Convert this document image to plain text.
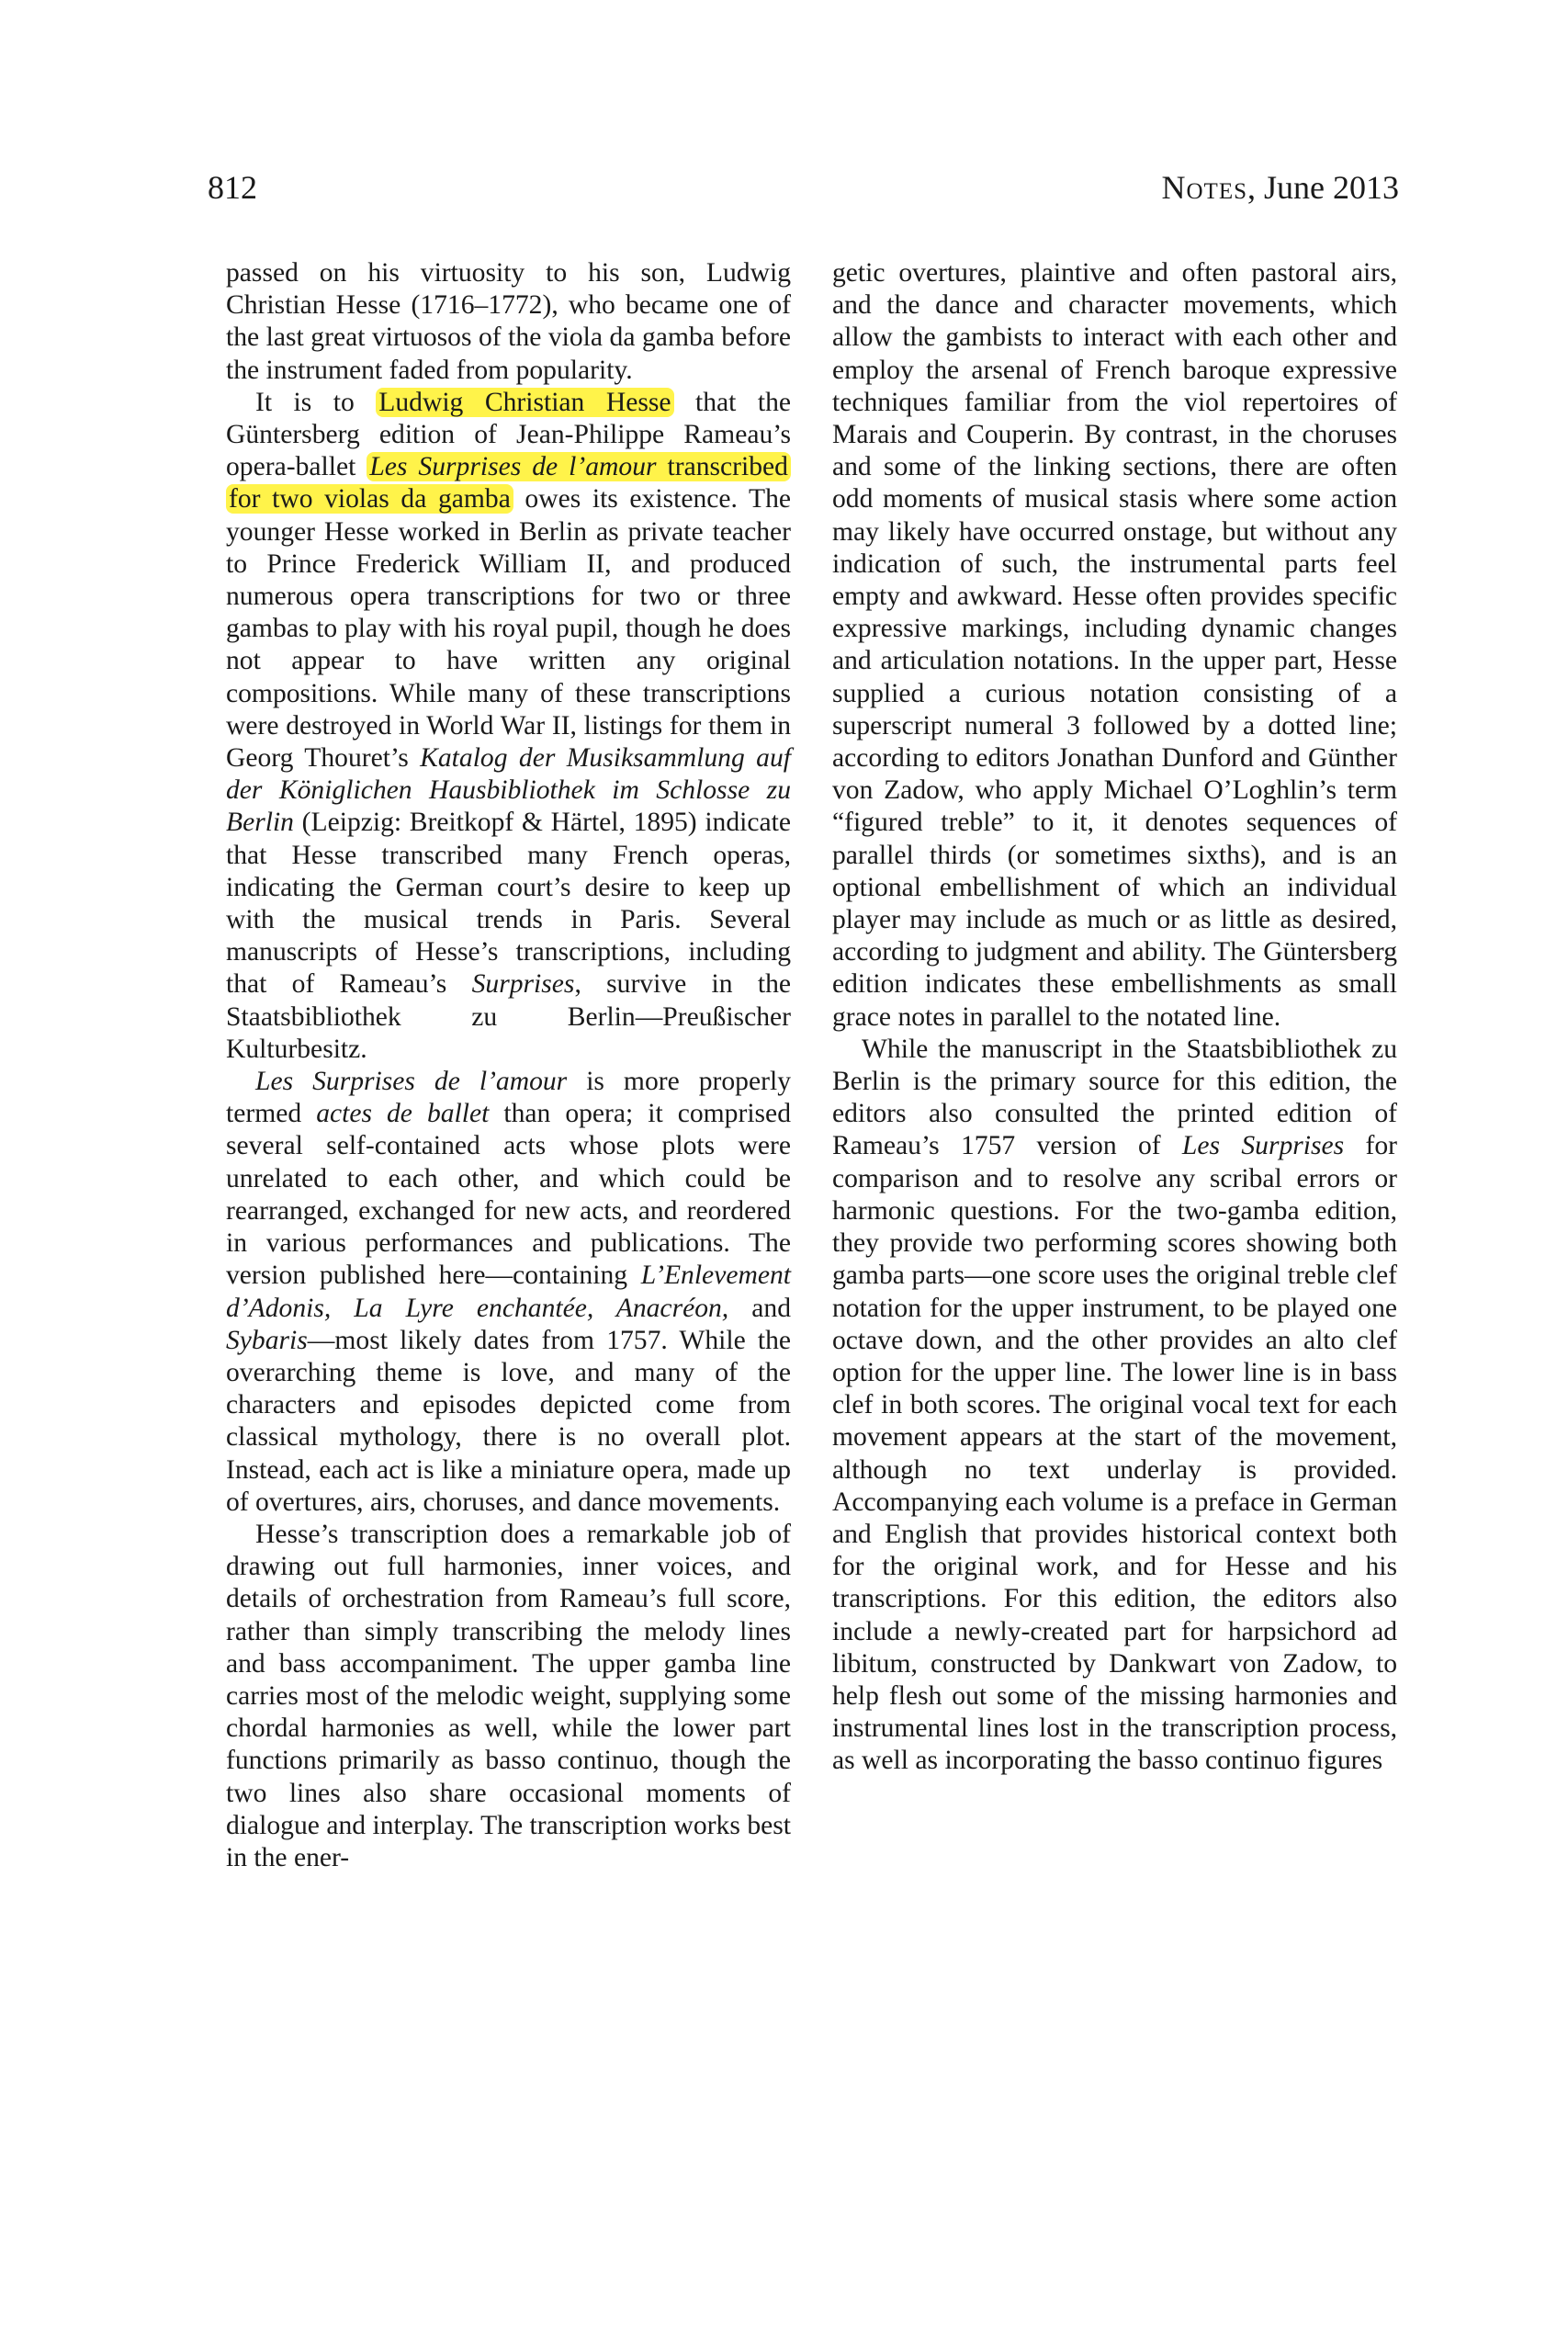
812	Notes, June 2013

passed on his virtuosity to his son, Ludwig Christian Hesse (1716–1772), who became one of the last great virtuosos of the viola da gamba before the instrument faded from popularity.

It is to Ludwig Christian Hesse that the Güntersberg edition of Jean-Philippe Rameau’s opera-ballet Les Surprises de l’amour transcribed for two violas da gamba owes its existence. The younger Hesse worked in Berlin as private teacher to Prince Frederick William II, and produced numerous opera transcriptions for two or three gambas to play with his royal pupil, though he does not appear to have written any original compositions. While many of these transcriptions were destroyed in World War II, listings for them in Georg Thouret’s Katalog der Musiksammlung auf der Königlichen Hausbibliothek im Schlosse zu Berlin (Leipzig: Breitkopf & Härtel, 1895) indicate that Hesse transcribed many French operas, indicating the German court’s desire to keep up with the musical trends in Paris. Several manuscripts of Hesse’s transcriptions, including that of Rameau’s Surprises, survive in the Staatsbibliothek zu Berlin—Preußischer Kulturbesitz.

Les Surprises de l’amour is more properly termed actes de ballet than opera; it comprised several self-contained acts whose plots were unrelated to each other, and which could be rearranged, exchanged for new acts, and reordered in various performances and publications. The version published here—containing L’Enlevement d’Adonis, La Lyre enchantée, Anacréon, and Sybaris—most likely dates from 1757. While the overarching theme is love, and many of the characters and episodes depicted come from classical mythology, there is no overall plot. Instead, each act is like a miniature opera, made up of overtures, airs, choruses, and dance movements.

Hesse’s transcription does a remarkable job of drawing out full harmonies, inner voices, and details of orchestration from Rameau’s full score, rather than simply transcribing the melody lines and bass accompaniment. The upper gamba line carries most of the melodic weight, supplying some chordal harmonies as well, while the lower part functions primarily as basso continuo, though the two lines also share occasional moments of dialogue and interplay. The transcription works best in the ener-

getic overtures, plaintive and often pastoral airs, and the dance and character movements, which allow the gambists to interact with each other and employ the arsenal of French baroque expressive techniques familiar from the viol repertoires of Marais and Couperin. By contrast, in the choruses and some of the linking sections, there are often odd moments of musical stasis where some action may likely have occurred onstage, but without any indication of such, the instrumental parts feel empty and awkward. Hesse often provides specific expressive markings, including dynamic changes and articulation notations. In the upper part, Hesse supplied a curious notation consisting of a superscript numeral 3 followed by a dotted line; according to editors Jonathan Dunford and Günther von Zadow, who apply Michael O’Loghlin’s term “figured treble” to it, it denotes sequences of parallel thirds (or sometimes sixths), and is an optional embellishment of which an individual player may include as much or as little as desired, according to judgment and ability. The Güntersberg edition indicates these embellishments as small grace notes in parallel to the notated line.

While the manuscript in the Staatsbibliothek zu Berlin is the primary source for this edition, the editors also consulted the printed edition of Rameau’s 1757 version of Les Surprises for comparison and to resolve any scribal errors or harmonic questions. For the two-gamba edition, they provide two performing scores showing both gamba parts—one score uses the original treble clef notation for the upper instrument, to be played one octave down, and the other provides an alto clef option for the upper line. The lower line is in bass clef in both scores. The original vocal text for each movement appears at the start of the movement, although no text underlay is provided. Accompanying each volume is a preface in German and English that provides historical context both for the original work, and for Hesse and his transcriptions. For this edition, the editors also include a newly-created part for harpsichord ad libitum, constructed by Dankwart von Zadow, to help flesh out some of the missing harmonies and instrumental lines lost in the transcription process, as well as incorporating the basso continuo figures
